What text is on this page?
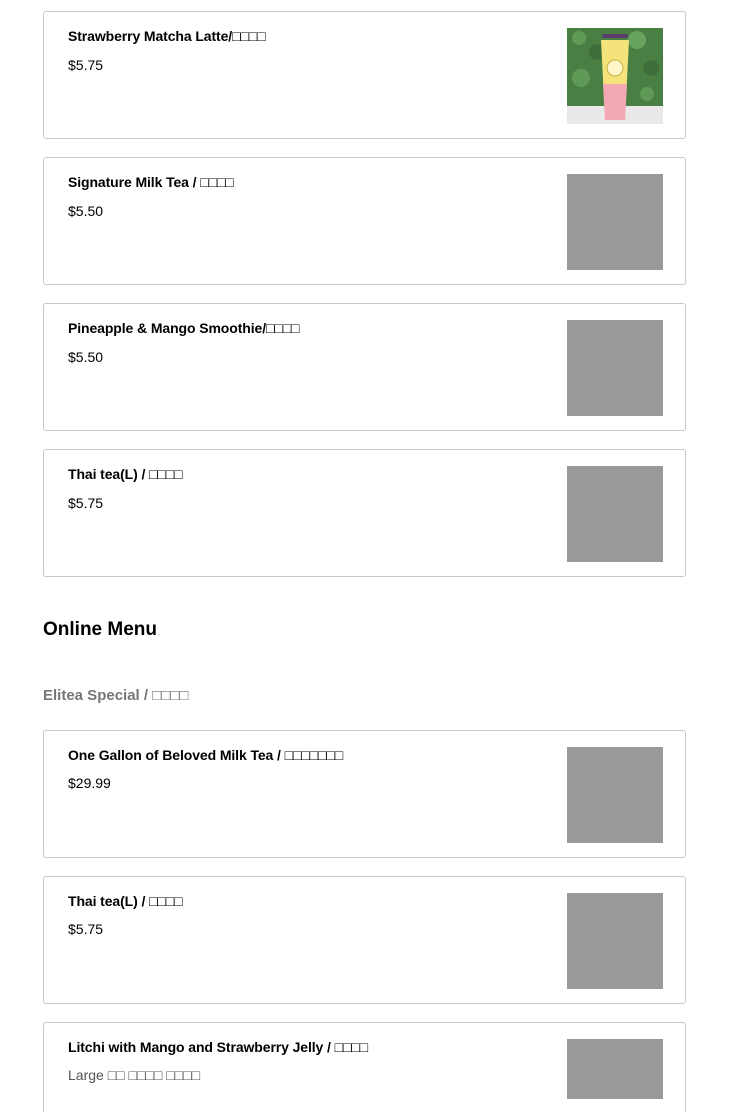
Strawberry Matcha Latte/□□□□
$5.75
Signature Milk Tea / □□□□
$5.50
Pineapple & Mango Smoothie/□□□□
$5.50
Thai tea(L) / □□□□
$5.75
Online Menu
Elitea Special / □□□□
One Gallon of Beloved Milk Tea / □□□□□□□
$29.99
Thai tea(L) / □□□□
$5.75
Litchi with Mango and Strawberry Jelly / □□□□
Large □□ □□□□ □□□□
